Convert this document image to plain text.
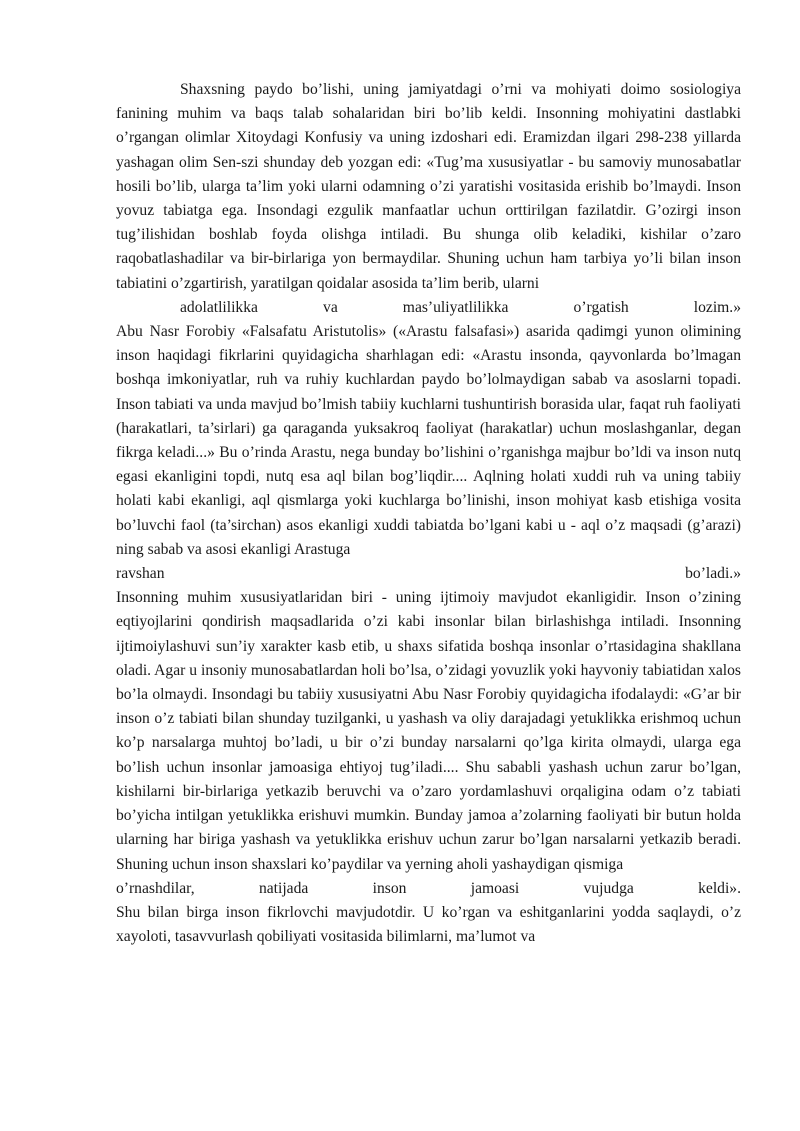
Shaxsning paydo bo’lishi, uning jamiyatdagi o’rni va mohiyati doimo sosiologiya fanining muhim va baqs talab sohalaridan biri bo’lib keldi. Insonning mohiyatini dastlabki o’rgangan olimlar Xitoydagi Konfusiy va uning izdoshari edi. Eramizdan ilgari 298-238 yillarda yashagan olim Sen-szi shunday deb yozgan edi: «Tug’ma xususiyatlar - bu samoviy munosabatlar hosili bo’lib, ularga ta’lim yoki ularni odamning o’zi yaratishi vositasida erishib bo’lmaydi. Inson yovuz tabiatga ega. Insondagi ezgulik manfaatlar uchun orttirilgan fazilatdir. G’ozirgi inson tug’ilishidan boshlab foyda olishga intiladi. Bu shunga olib keladiki, kishilar o’zaro raqobatlashadilar va bir-birlariga yon bermaydilar. Shuning uchun ham tarbiya yo’li bilan inson tabiatini o’zgartirish, yaratilgan qoidalar asosida ta’lim berib, ularni
adolatlilikka va mas’uliyatlilikka o’rgatish lozim.»

Abu Nasr Forobiy «Falsafatu Aristutolis» («Arastu falsafasi») asarida qadimgi yunon olimining inson haqidagi fikrlarini quyidagicha sharhlagan edi: «Arastu insonda, qayvonlarda bo’lmagan boshqa imkoniyatlar, ruh va ruhiy kuchlardan paydo bo’lolmaydigan sabab va asoslarni topadi. Inson tabiati va unda mavjud bo’lmish tabiiy kuchlarni tushuntirish borasida ular, faqat ruh faoliyati (harakatlari, ta’sirlari) ga qaraganda yuksakroq faoliyat (harakatlar) uchun moslashganlar, degan fikrga keladi...» Bu o’rinda Arastu, nega bunday bo’lishini o’rganishga majbur bo’ldi va inson nutq egasi ekanligini topdi, nutq esa aql bilan bog’liqdir.... Aqlning holati xuddi ruh va uning tabiiy holati kabi ekanligi, aql qismlarga yoki kuchlarga bo’linishi, inson mohiyat kasb etishiga vosita bo’luvchi faol (ta’sirchan) asos ekanligi xuddi tabiatda bo’lgani kabi u - aql o’z maqsadi (g’arazi) ning sabab va asosi ekanligi Arastuga
ravshan bo’ladi.»

Insonning muhim xususiyatlaridan biri - uning ijtimoiy mavjudot ekanligidir. Inson o’zining eqtiyojlarini qondirish maqsadlarida o’zi kabi insonlar bilan birlashishga intiladi. Insonning ijtimoiylashuvi sun’iy xarakter kasb etib, u shaxs sifatida boshqa insonlar o’rtasidagina shakllana oladi. Agar u insoniy munosabatlardan holi bo’lsa, o’zidagi yovuzlik yoki hayvoniy tabiatidan xalos bo’la olmaydi. Insondagi bu tabiiy xususiyatni Abu Nasr Forobiy quyidagicha ifodalaydi: «G’ar bir inson o’z tabiati bilan shunday tuzilganki, u yashash va oliy darajadagi yetuklikka erishmoq uchun ko’p narsalarga muhtoj bo’ladi, u bir o’zi bunday narsalarni qo’lga kirita olmaydi, ularga ega bo’lish uchun insonlar jamoasiga ehtiyoj tug’iladi.... Shu sababli yashash uchun zarur bo’lgan, kishilarni bir-birlariga yetkazib beruvchi va o’zaro yordamlashuvi orqaligina odam o’z tabiati bo’yicha intilgan yetuklikka erishuvi mumkin. Bunday jamoa a’zolarning faoliyati bir butun holda ularning har biriga yashash va yetuklikka erishuv uchun zarur bo’lgan narsalarni yetkazib beradi. Shuning uchun inson shaxslari ko’paydilar va yerning aholi yashaydigan qismiga
o’rnashdilar, natijada inson jamoasi vujudga keldi».

Shu bilan birga inson fikrlovchi mavjudotdir. U ko’rgan va eshitganlarini yodda saqlaydi, o’z xayoloti, tasavvurlash qobiliyati vositasida bilimlarni, ma’lumot va
